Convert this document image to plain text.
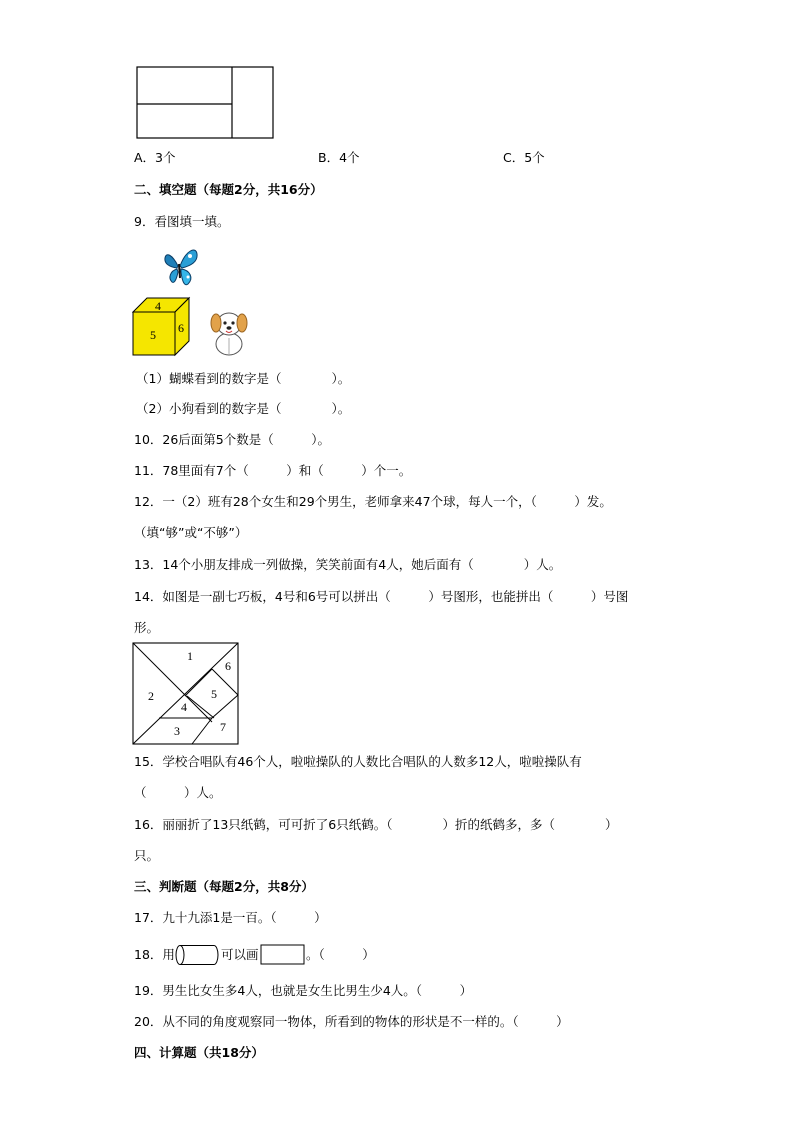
A．3个	B．4个	C．5个
二、填空题（每题2分，共16分）
9．看图填一填。
4
5 6
（1）蝴蝶看到的数字是（　　　　）。
（2）小狗看到的数字是（　　　　）。
10．26后面第5个数是（　　　）。
11．78里面有7个（　　　）和（　　　）个一。
12．一（2）班有28个女生和29个男生，老师拿来47个球，每人一个，（　　　）发。
（填“够”或“不够”）
13．14个小朋友排成一列做操，笑笑前面有4人，她后面有（　　　　）人。
14．如图是一副七巧板，4号和6号可以拼出（　　　）号图形，也能拼出（　　　）号图
形。
1
2
3
4
5
6
7
15．学校合唱队有46个人，啦啦操队的人数比合唱队的人数多12人，啦啦操队有
（　　　）人。
16．丽丽折了13只纸鹤，可可折了6只纸鹤。（　　　　）折的纸鹤多，多（　　　　）
只。
三、判断题（每题2分，共8分）
17．九十九添1是一百。（　　　）
18．用	可以画	。（　　　）
19．男生比女生多4人，也就是女生比男生少4人。（　　　）
20．从不同的角度观察同一物体，所看到的物体的形状是不一样的。（　　　）
四、计算题（共18分）
